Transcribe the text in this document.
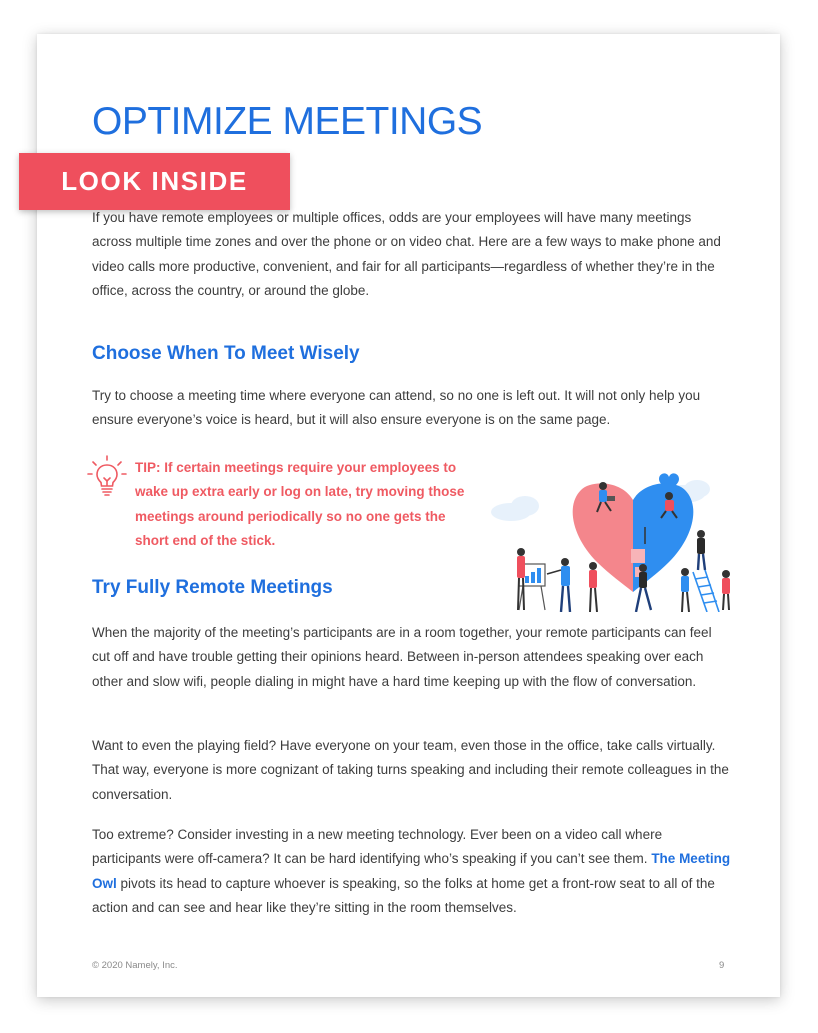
OPTIMIZE MEETINGS

If you have remote employees or multiple offices, odds are your employees will have many meetings across multiple time zones and over the phone or on video chat. Here are a few ways to make phone and video calls more productive, convenient, and fair for all participants—regardless of whether they’re in the office, across the country, or around the globe.

Choose When To Meet Wisely

Try to choose a meeting time where everyone can attend, so no one is left out. It will not only help you ensure everyone’s voice is heard, but it will also ensure everyone is on the same page.

TIP: If certain meetings require your employees to wake up extra early or log on late, try moving those meetings around periodically so no one gets the short end of the stick.

Try Fully Remote Meetings

When the majority of the meeting’s participants are in a room together, your remote participants can feel cut off and have trouble getting their opinions heard. Between in-person attendees speaking over each other and slow wifi, people dialing in might have a hard time keeping up with the flow of conversation.

Want to even the playing field? Have everyone on your team, even those in the office, take calls virtually. That way, everyone is more cognizant of taking turns speaking and including their remote colleagues in the conversation.

Too extreme? Consider investing in a new meeting technology. Ever been on a video call where participants were off-camera? It can be hard identifying who’s speaking if you can’t see them. The Meeting Owl pivots its head to capture whoever is speaking, so the folks at home get a front-row seat to all of the action and can see and hear like they’re sitting in the room themselves.

© 2020 Namely, Inc.	9
LOOK INSIDE
